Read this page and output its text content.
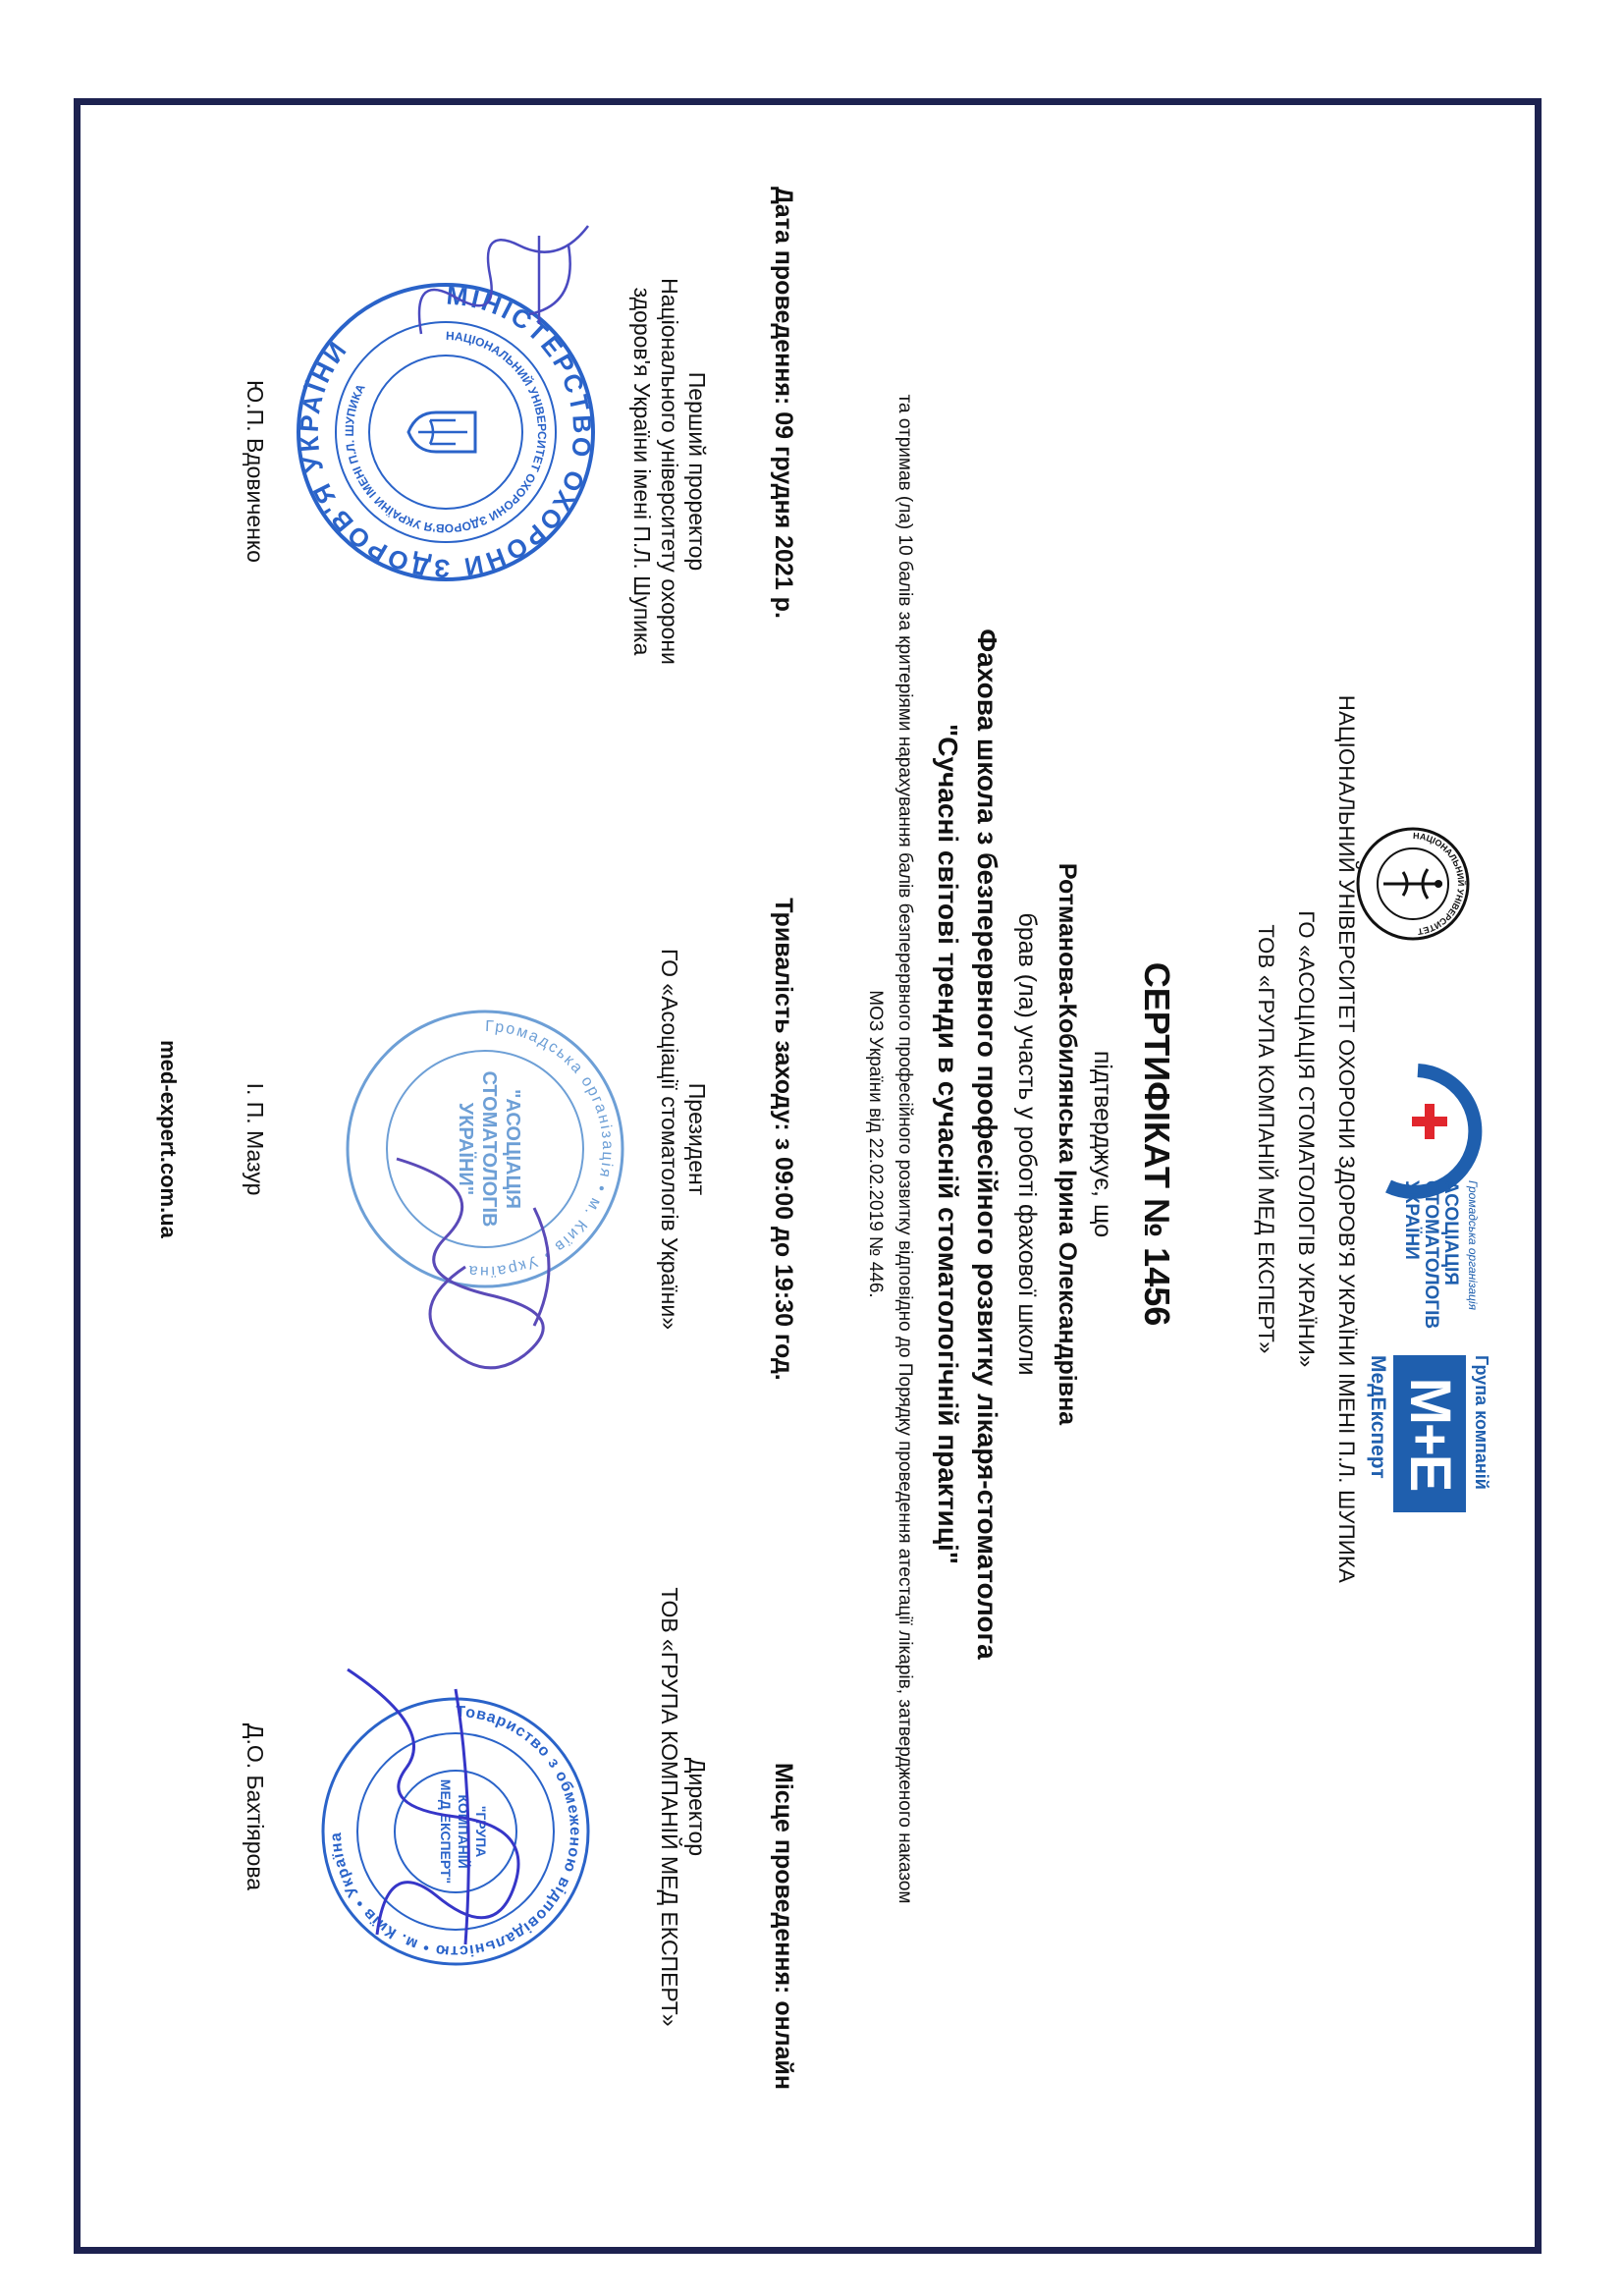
НАЦІОНАЛЬНИЙ УНІВЕРСИТЕТ ОХОРОНИ ЗДОРОВ'Я УКРАЇНИ ІМЕНІ П.Л. ШУПИКА
ГО «АСОЦІАЦІЯ СТОМАТОЛОГІВ УКРАЇНИ»
ТОВ «ГРУПА КОМПАНІЙ МЕД ЕКСПЕРТ»
НАЦІОНАЛЬНИЙ УНІВЕРСИТЕТ
Громадська організація
АСОЦІАЦІЯ СТОМАТОЛОГІВ УКРАЇНИ
Група компаній
М+Е
МедЕксперт
СЕРТИФІКАТ № 1456
підтверджує, що
Ротманова-Кобилянська Ірина Олександрівна
брав (ла) участь у роботі фахової школи
Фахова школа з безперервного професійного розвитку лікаря-стоматолога
"Сучасні світові тренди в сучасній стоматологічній практиці"
та отримав (ла) 10 балів за критеріями нарахування балів безперервного професійного розвитку відповідно до Порядку проведення атестації лікарів, затвердженого наказом
МОЗ України від 22.02.2019 № 446.
Дата проведення: 09 грудня 2021 р.
Тривалість заходу: з 09:00 до 19:30 год.
Місце проведення: онлайн
Перший проректор
Національного університету охорони
здоров'я України імені П.Л. Шупика
Ю.П. Вдовиченко
МІНІСТЕРСТВО ОХОРОНИ ЗДОРОВ'Я УКРАЇНИ	НАЦІОНАЛЬНИЙ УНІВЕРСИТЕТ ОХОРОНИ ЗДОРОВ'Я УКРАЇНИ ІМЕНІ П.Л. ШУПИКА
Президент
ГО «Асоціації стоматологів України»
І. П. Мазур
Громадська організація • м. Київ • Україна
"АСОЦІАЦІЯ СТОМАТОЛОГІВ УКРАЇНИ"
Директор
ТОВ «ГРУПА КОМПАНІЙ МЕД ЕКСПЕРТ»
Д.О. Бахтіярова
Товариство з обмеженою відповідальністю • м. Київ • Україна	"ГРУПА КОМПАНІЙ МЕД ЕКСПЕРТ"
med-expert.com.ua
